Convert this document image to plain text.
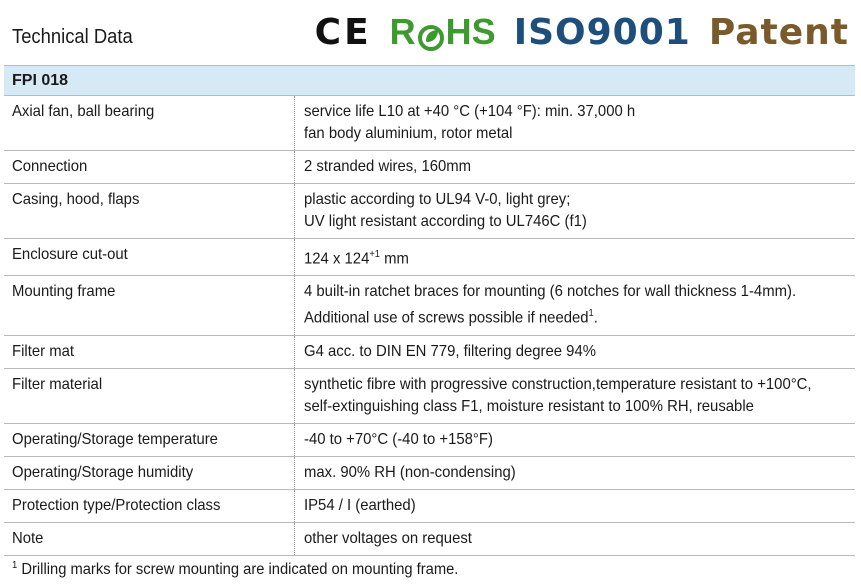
Technical Data	CE R HS ISO9001 Patent
FPI 018	

Axial fan, ball bearing	service life L10 at +40 °C (+104 °F): min. 37,000 h
fan body aluminium, rotor metal

Connection	2 stranded wires, 160mm

Casing, hood, flaps	plastic according to UL94 V-0, light grey;
UV light resistant according to UL746C (f1)

Enclosure cut-out	124 x $124^{+1}$ mm

Mounting frame	4 built-in ratchet braces for mounting (6 notches for wall thickness 1-4mm).
Additional use of screws possible if needed$^1$.

Filter mat	G4 acc. to DIN EN 779, filtering degree 94%

Filter material	synthetic fibre with progressive construction,temperature resistant to +100°C,
self-extinguishing class F1, moisture resistant to 100% RH, reusable

Operating/Storage temperature	-40 to +70°C (-40 to +158°F)

Operating/Storage humidity	max. 90% RH (non-condensing)

Protection type/Protection class	IP54 / I (earthed)

Note	other voltages on request
$^1$ Drilling marks for screw mounting are indicated on mounting frame.
